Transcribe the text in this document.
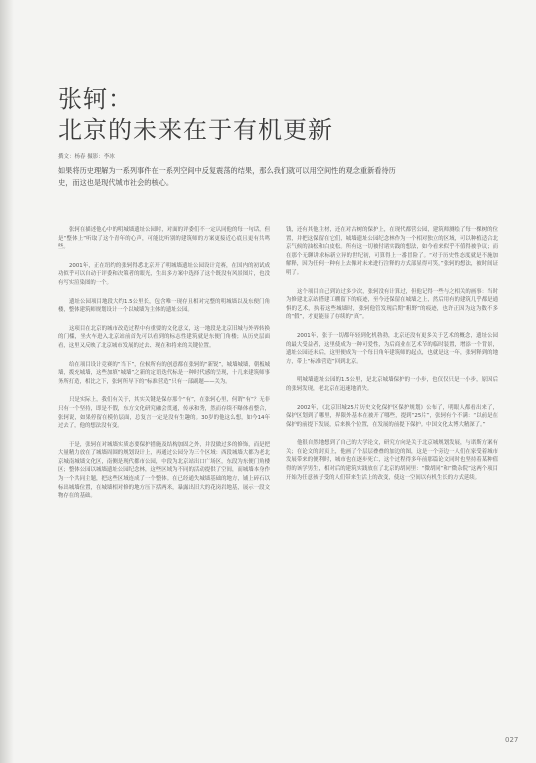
张轲：
北京的未来在于有机更新
撰文：杨春 摄影：李冰
如果将历史理解为一系列事件在一系列空间中反复震荡的结果，那么我们就可以用空间性的观念重新看待历史，而这也是现代城市社会的核心。

张轲在描述他心中的明城墙遗址公园时，对面的评委们不一定认同他的每一句话，但是“整体上”听取了这个青年的心声，可能比听别的建筑师的方案更接近心底且更有共鸣些。

2001年，正在纽约的张轲得悉北京开了明城墙遗址公园设计竞赛，在国内的初试成功似乎可以自动于评委和决策者的眼光，生出多方案中选择了这个既没有风景图片，也没有写实渲染图的一个。

遗址公园项目地段大约1.5公里长，包含唯一现存且相对完整的明城墙以及东便门角楼，整体建筑师规划设计一个以城墙为主体的遗址公园。

这项目在北京的城市改造过程中有重要的文化意义，这一地段是北京旧城与外界转换的门槛，坐火车进入北京站前首先可以看到的标志性建筑就是东便门角楼；从历史层面看，这里又反映了北京城市发展的过去、现在和将来的关键位置。

给在项目设计竞赛的“当下”，位候所有的创意都在张轲的“新锐”，城墙城墙，朝板城墙，拨充城墙，这些加填“城墙”之新的定语迭代标是一种时代感的呈现，十几来建筑师事务所打造，相比之下，张轲所导下的“标准营造”只有一部副题——关为。

只是实际上，我们有关于，其实关键是保存那个“有”，在张轲心里，何谓“有”？无非只有一个坚持，即是不假，东方文化研究融会贯通，传承和秀，然而存续不曝体看整合，张轲说，如果停留在模仿层面，总复言一定是没有生趣的。30岁的他这么想，如今14年过去了，他的想法没有变。

于是，张轲在对城墙实质态要保护措施及结构加固之外，并没做过多的修饰，而是把大量精力放在了城墙周围的规划设计上，再通过公园分为三个区域：西段城墙大都为老北京城南城墙文化区，南侧是现代都市公园，中段为北京站出口广场区，东段为东便门角楼区；整体公园以城墙遗址公园纪念林，这些区域为不同的活动提供了空间，而城墙本身作为一个共同主题，把这些区域连成了一个整体。在已经通失城墙基础的地方，铺上碎石以标出城墙位置，在城墙相对修的地方压下括两米，暴露出旧大的花岗岩地基，展示一段文物存在的基础。

钱，还有其他主材，还在对古树的保护上，在现代都营公园，建筑师测绘了每一棵树的位置，并把这保留在它们，城墙遗址公园纪念林作为一个相对独立的区域，可以种植适合北京气候的油松和白皮松。所有这一切被付诸实践的想法，如今看来似乎不值得被争议；而在那个无聊讲求标新立异的世纪初，可算得上一番冒险了。“对于历史性态度就是不施加解释，因为任何一种有上去像对未来进行注释的方式部显得可笑，”张轲的想法，被时间证明了。

这个项目自己到访过多少次，张轲没有计算过，但他记得一些与之相关的画事：当时为修建北京站搭建工棚留下的痕迹，至今还保留在城墙之上，然后用有的建筑几乎都是通惧的艺术，执着这些城墙时，张轲他管发现后期“粗野”的痕迹，也许正因为这为数不多的“假”，才更能显了存续的“真”。

2001年，张于一切都年轻到化机勃勃，北京还没有更多关于艺术的概念，遗址公园的最大受益者，这里使成为一种可爱性，为后商业在艺术节的临时装置，增添一个背景，遗址公园还未后，这里便成为一个每日角年建筑师的起点，也就是这一年，张轲释到的地方，带上“标准营造”回到北京。

明城墙遗址公园的1.5公里，是北京城墙保护的一小步，也仅仅只是一小步，原因后的张轲发现，老北京在迅速地消失。

2002年，《北京旧城25片历史文化保护区保护规划》公布了，明眼人都看出来了，保护区划到了哪里，界限外基本在被开了哪些，提到“25片”，张轲有个不满：“以前是在保护的前提下发展，后来换个位置，在发展的前提下保护。中国文化太博大精深了。”

他很自然地想到了自己的大学论文，研究方向是关于北京城规划发展，与诺斯方案有关；在论文的封页上，他画了个层层叠叠的加边的图，这是一个旁边一人们在家受着城市发展带来的便利时，城市也在逐步死亡，这个过程得多年前那篇论文同时也坚持着某种值得的该学男生，相对后的建筑实践放在了北京的胡同里：“微胡同”和“微杂院”这两个项目开始为任意孩子受的人们带来生活上的改变，使这一空间以有机生长的方式延续。

027
